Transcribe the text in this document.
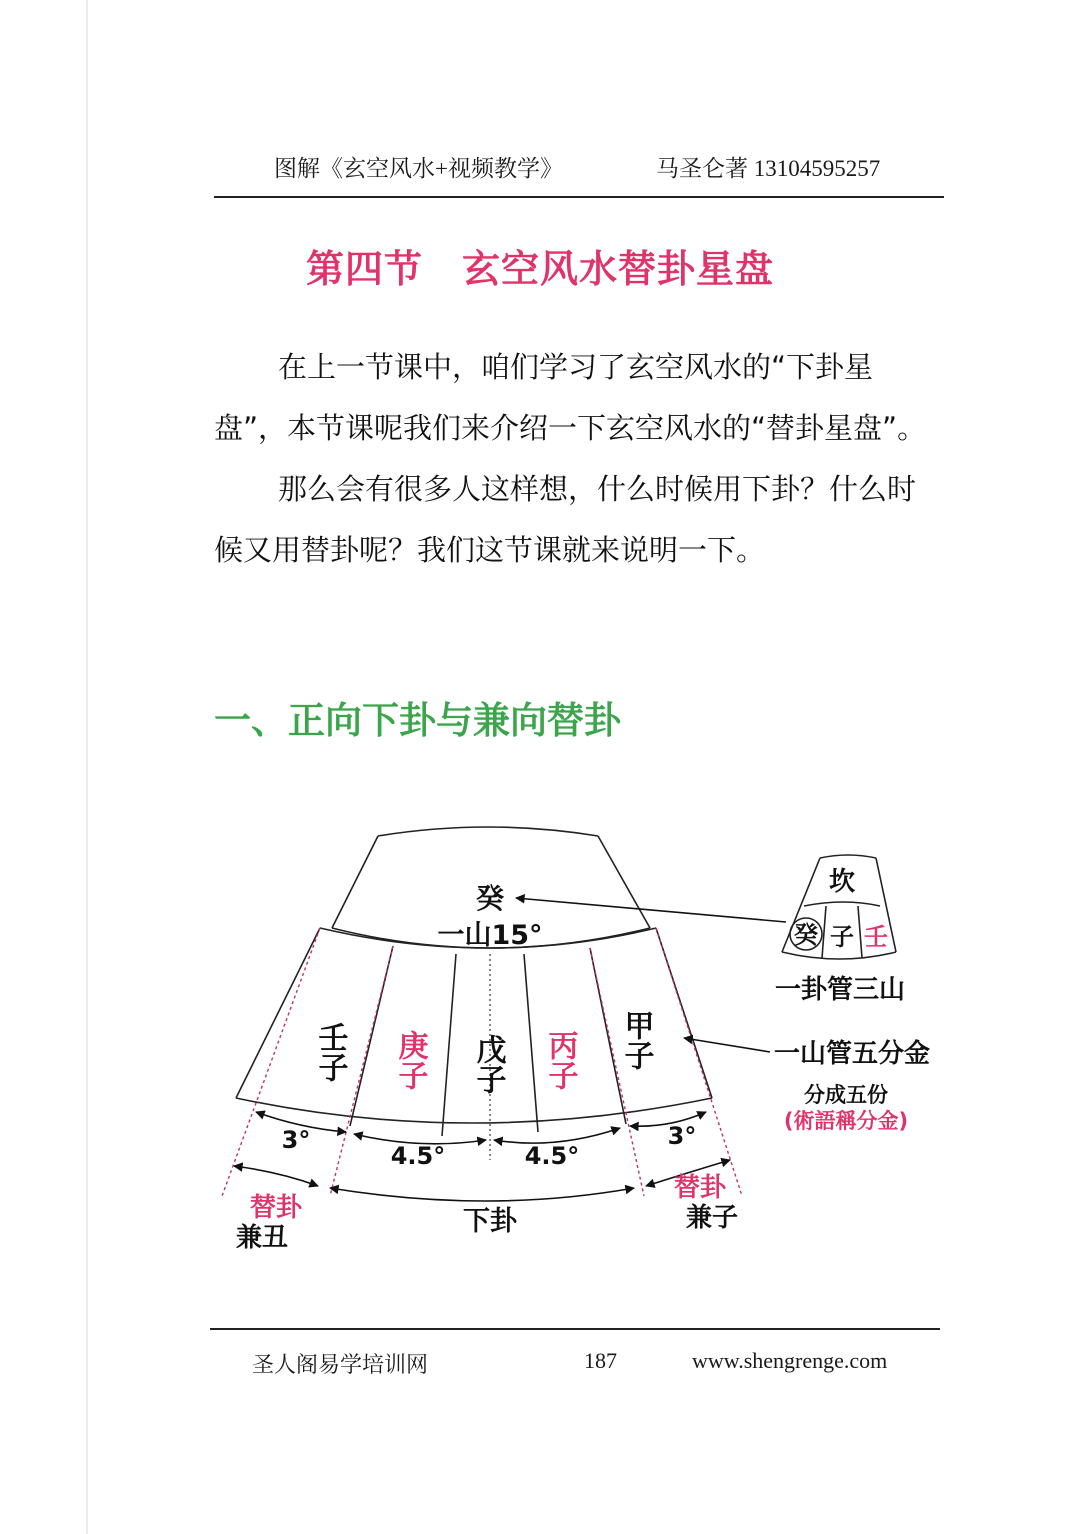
图解《玄空风水+视频教学》	马圣仑著 13104595257
第四节　玄空风水替卦星盘

在上一节课中，咱们学习了玄空风水的“下卦星盘”，本节课呢我们来介绍一下玄空风水的“替卦星盘”。

那么会有很多人这样想，什么时候用下卦？什么时候又用替卦呢？我们这节课就来说明一下。

一、正向下卦与兼向替卦
癸
一山15°
壬子 庚子 戊子 丙子 甲子
3°
4.5°	4.5°
3°
下卦
替卦
兼丑
替卦
兼子
坎
癸 子 壬
一卦管三山
一山管五分金
分成五份
(術語稱分金)
圣人阁易学培训网	187	www.shengrenge.com
